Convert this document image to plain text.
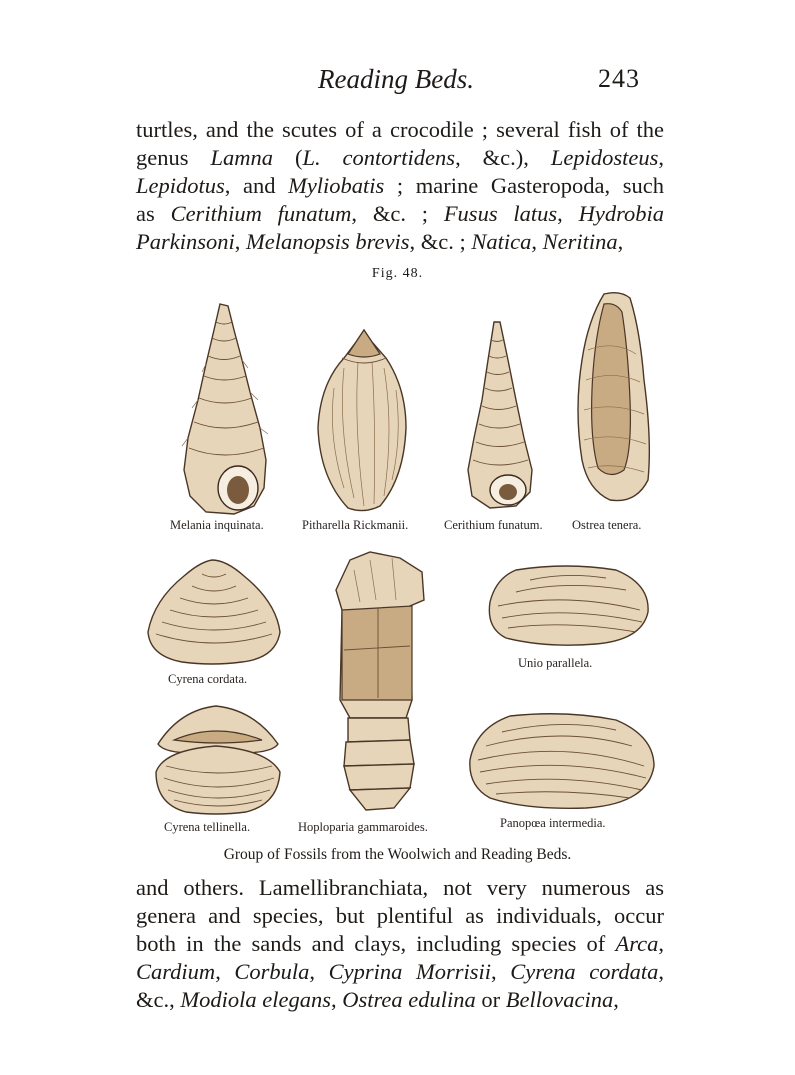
Reading Beds.	243
turtles, and the scutes of a crocodile ; several fish of the
genus Lamna (L. contortidens, &c.), Lepidosteus,
Lepidotus, and Myliobatis ; marine Gasteropoda, such
as Cerithium funatum, &c. ; Fusus latus, Hydrobia
Parkinsoni, Melanopsis brevis, &c. ; Natica, Neritina,
Fig. 48.
Melania inquinata.	Pitharella Rickmanii.	Cerithium funatum. Ostrea tenera.
Cyrena cordata.
Unio parallela.
Cyrena tellinella.	Hoploparia gammaroides.	Panopœa intermedia.
Group of Fossils from the Woolwich and Reading Beds.
and others. Lamellibranchiata, not very numerous as
genera and species, but plentiful as individuals, occur
both in the sands and clays, including species of Arca,
Cardium, Corbula, Cyprina Morrisii, Cyrena cordata,
&c., Modiola elegans, Ostrea edulina or Bellovacina,
